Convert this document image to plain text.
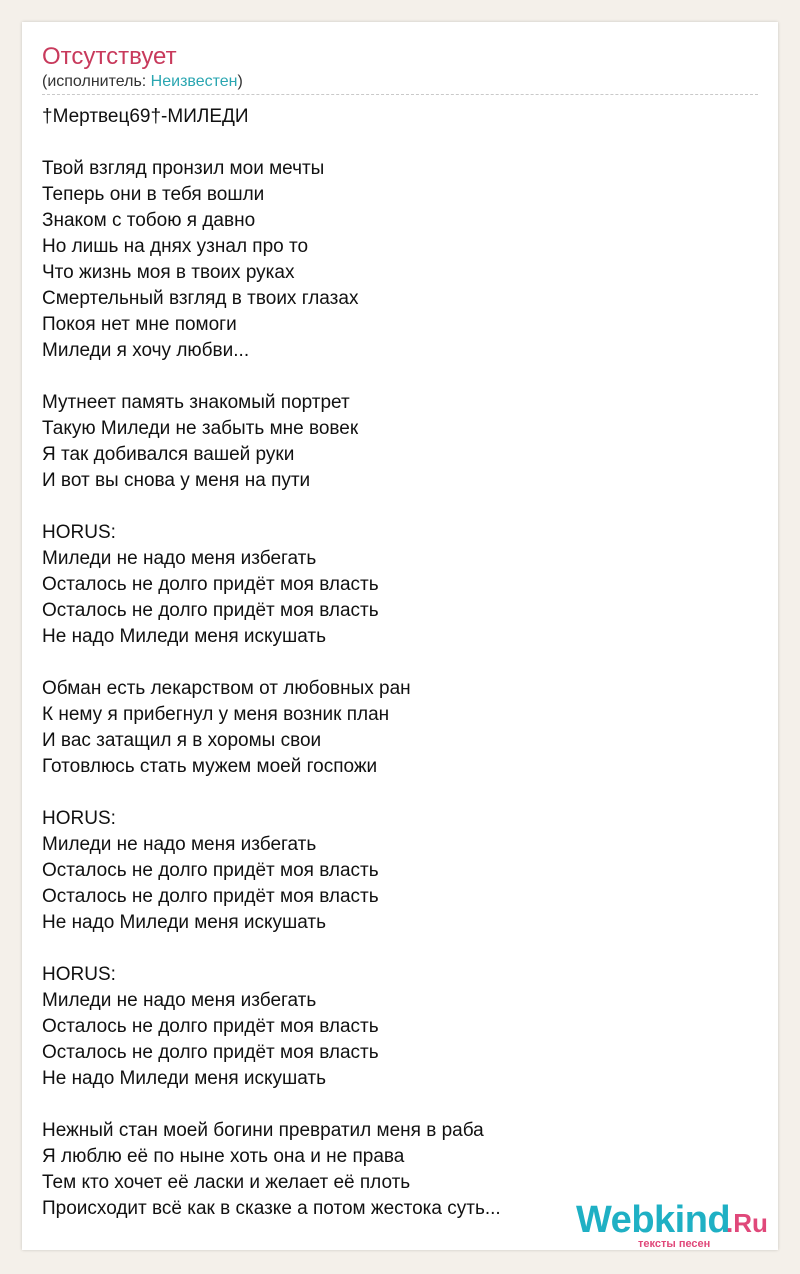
Отсутствует
(исполнитель: Неизвестен)
†Мертвец69†-МИЛЕДИ
Твой взгляд пронзил мои мечты
Теперь они в тебя вошли
Знаком с тобою я давно
Но лишь на днях узнал про то
Что жизнь моя в твоих руках
Смертельный взгляд в твоих глазах
Покоя нет мне помоги
Миледи я хочу любви...
Мутнеет память знакомый портрет
Такую Миледи не забыть мне вовек
Я так добивался вашей руки
И вот вы снова у меня на пути
HORUS:
Миледи не надо меня избегать
Осталось не долго придёт моя власть
Осталось не долго придёт моя власть
Не надо Миледи меня искушать
Обман есть лекарством от любовных ран
К нему я прибегнул у меня возник план
И вас затащил я в хоромы свои
Готовлюсь стать мужем моей госпожи
HORUS:
Миледи не надо меня избегать
Осталось не долго придёт моя власть
Осталось не долго придёт моя власть
Не надо Миледи меня искушать
HORUS:
Миледи не надо меня избегать
Осталось не долго придёт моя власть
Осталось не долго придёт моя власть
Не надо Миледи меня искушать
Нежный стан моей богини превратил меня в раба
Я люблю её по ныне хоть она и не права
Тем кто хочет её ласки и желает её плоть
Происходит всё как в сказке а потом жестока суть... Webkind
.Ru
тексты песен
